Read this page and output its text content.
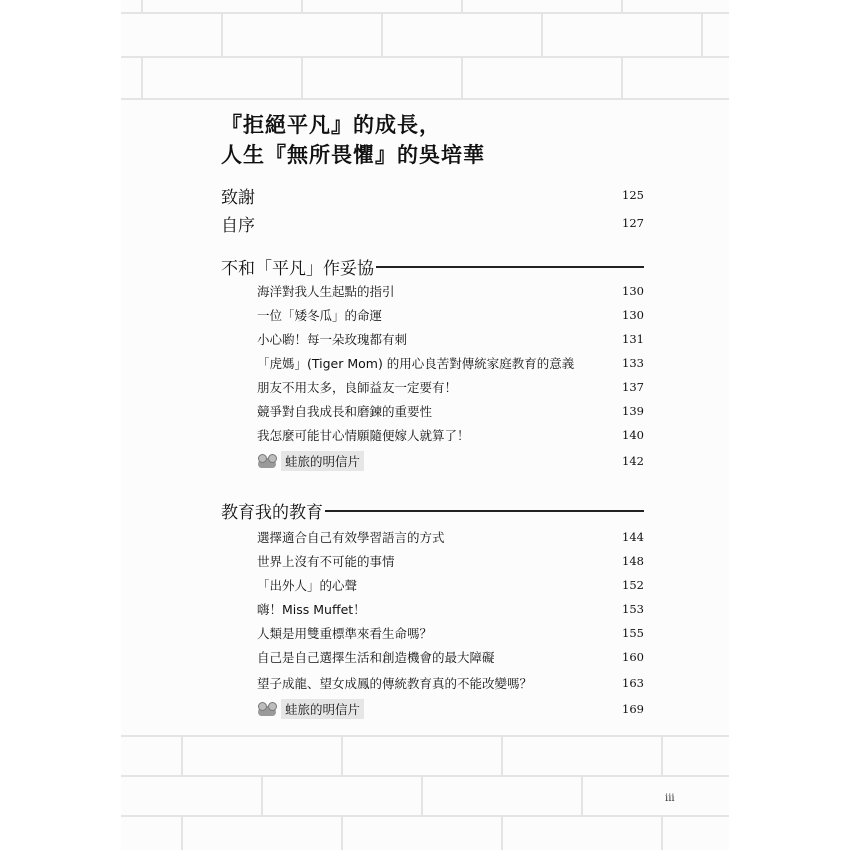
『拒絕平凡』的成長，
人生『無所畏懼』的吳培華
致謝	125
自序	127
不和「平凡」作妥協
海洋對我人生起點的指引	130
一位「矮冬瓜」的命運	130
小心喲！每一朵玫瑰都有刺	131
「虎媽」(Tiger Mom) 的用心良苦對傳統家庭教育的意義	133
朋友不用太多，良師益友一定要有！	137
競爭對自我成長和磨鍊的重要性	139
我怎麼可能甘心情願隨便嫁人就算了！	140
蛙旅的明信片	142
教育我的教育
選擇適合自己有效學習語言的方式	144
世界上沒有不可能的事情	148
「出外人」的心聲	152
嗨！Miss Muffet！	153
人類是用雙重標準來看生命嗎？	155
自己是自己選擇生活和創造機會的最大障礙	160
望子成龍、望女成鳳的傳統教育真的不能改變嗎？	163
蛙旅的明信片	169
iii
